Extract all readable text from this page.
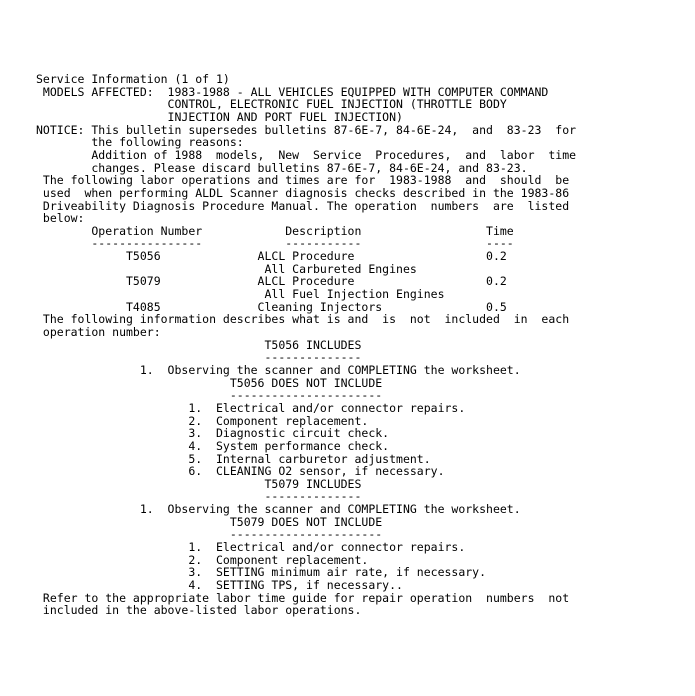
Service Information (1 of 1)
MODELS AFFECTED:  1983-1988 - ALL VEHICLES EQUIPPED WITH COMPUTER COMMAND
CONTROL, ELECTRONIC FUEL INJECTION (THROTTLE BODY
INJECTION AND PORT FUEL INJECTION)
NOTICE: This bulletin supersedes bulletins 87-6E-7, 84-6E-24,  and  83-23  for
the following reasons:
Addition of 1988  models,  New  Service  Procedures,  and  labor  time
changes. Please discard bulletins 87-6E-7, 84-6E-24, and 83-23.
The following labor operations and times are for  1983-1988  and  should  be
used  when performing ALDL Scanner diagnosis checks described in the 1983-86
Driveability Diagnosis Procedure Manual. The operation  numbers  are  listed
below:
Operation Number            Description                  Time
----------------            -----------                  ----
T5056              ALCL Procedure                   0.2
All Carbureted Engines
T5079              ALCL Procedure                   0.2
All Fuel Injection Engines
T4085              Cleaning Injectors               0.5
The following information describes what is and  is  not  included  in  each
operation number:
T5056 INCLUDES
--------------
1.  Observing the scanner and COMPLETING the worksheet.
T5056 DOES NOT INCLUDE
----------------------
1.  Electrical and/or connector repairs.
2.  Component replacement.
3.  Diagnostic circuit check.
4.  System performance check.
5.  Internal carburetor adjustment.
6.  CLEANING O2 sensor, if necessary.
T5079 INCLUDES
--------------
1.  Observing the scanner and COMPLETING the worksheet.
T5079 DOES NOT INCLUDE
----------------------
1.  Electrical and/or connector repairs.
2.  Component replacement.
3.  SETTING minimum air rate, if necessary.
4.  SETTING TPS, if necessary..
Refer to the appropriate labor time guide for repair operation  numbers  not
included in the above-listed labor operations.
